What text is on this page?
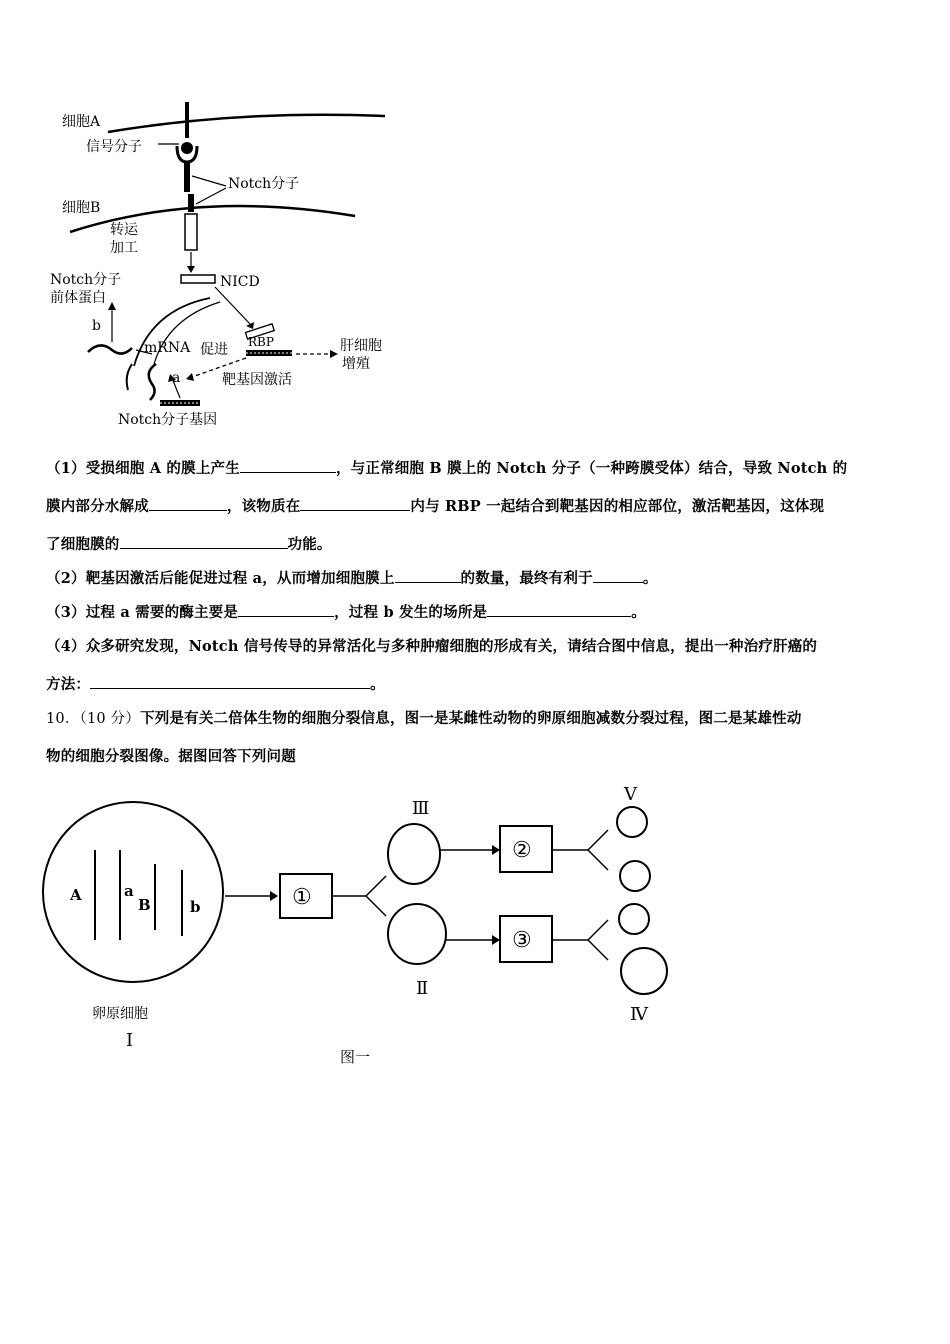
细胞A
信号分子
Notch分子
细胞B
转运
加工
NICD
Notch分子
前体蛋白
b
mRNA 促进 RBP	肝细胞
增殖
a	靶基因激活
Notch分子基因
（1）受损细胞 A 的膜上产生	，与正常细胞 B 膜上的 Notch 分子（一种跨膜受体）结合，导致 Notch 的
膜内部分水解成	，该物质在	内与 RBP 一起结合到靶基因的相应部位，激活靶基因，这体现
了细胞膜的	功能。
（2）靶基因激活后能促进过程 a，从而增加细胞膜上	的数量，最终有利于	。
（3）过程 a 需要的酶主要是	，过程 b 发生的场所是	。
（4）众多研究发现，Notch 信号传导的异常活化与多种肿瘤细胞的形成有关，请结合图中信息，提出一种治疗肝癌的
方法：	。
10．（10 分）下列是有关二倍体生物的细胞分裂信息，图一是某雌性动物的卵原细胞减数分裂过程，图二是某雄性动
物的细胞分裂图像。据图回答下列问题
A	a
B	b
卵原细胞
Ⅰ
①
Ⅲ
Ⅱ
②
③
Ⅴ
Ⅳ
图一
